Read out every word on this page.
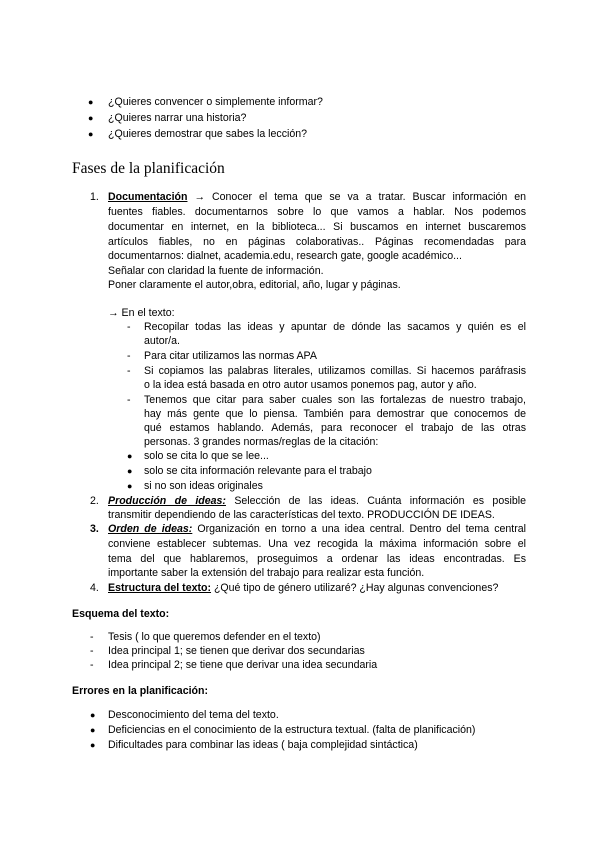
● ¿Quieres convencer o simplemente informar?
● ¿Quieres narrar una historia?
● ¿Quieres demostrar que sabes la lección?
Fases de la planificación
1. Documentación → Conocer el tema que se va a tratar. Buscar información en
fuentes fiables. documentarnos sobre lo que vamos a hablar. Nos podemos
documentar en internet, en la biblioteca... Si buscamos en internet buscaremos
artículos fiables, no en páginas colaborativas.. Páginas recomendadas para
documentarnos: dialnet, academia.edu, research gate, google académico...
Señalar con claridad la fuente de información.
Poner claramente el autor,obra, editorial, año, lugar y páginas.
→ En el texto:
- Recopilar todas las ideas y apuntar de dónde las sacamos y quién es el
autor/a.
- Para citar utilizamos las normas APA
- Si copiamos las palabras literales, utilizamos comillas. Si hacemos paráfrasis
o la idea está basada en otro autor usamos ponemos pag, autor y año.
- Tenemos que citar para saber cuales son las fortalezas de nuestro trabajo,
hay más gente que lo piensa. También para demostrar que conocemos de
qué estamos hablando. Además, para reconocer el trabajo de las otras
personas. 3 grandes normas/reglas de la citación:
● solo se cita lo que se lee...
● solo se cita información relevante para el trabajo
● si no son ideas originales
2. Producción de ideas: Selección de las ideas. Cuánta información es posible
transmitir dependiendo de las características del texto. PRODUCCIÓN DE IDEAS.
3. Orden de ideas: Organización en torno a una idea central. Dentro del tema central
conviene establecer subtemas. Una vez recogida la máxima información sobre el
tema del que hablaremos, proseguimos a ordenar las ideas encontradas. Es
importante saber la extensión del trabajo para realizar esta función.
4. Estructura del texto: ¿Qué tipo de género utilizaré? ¿Hay algunas convenciones?
Esquema del texto:
- Tesis ( lo que queremos defender en el texto)
- Idea principal 1; se tienen que derivar dos secundarias
- Idea principal 2; se tiene que derivar una idea secundaria
Errores en la planificación:
● Desconocimiento del tema del texto.
● Deficiencias en el conocimiento de la estructura textual. (falta de planificación)
● Dificultades para combinar las ideas ( baja complejidad sintáctica)
